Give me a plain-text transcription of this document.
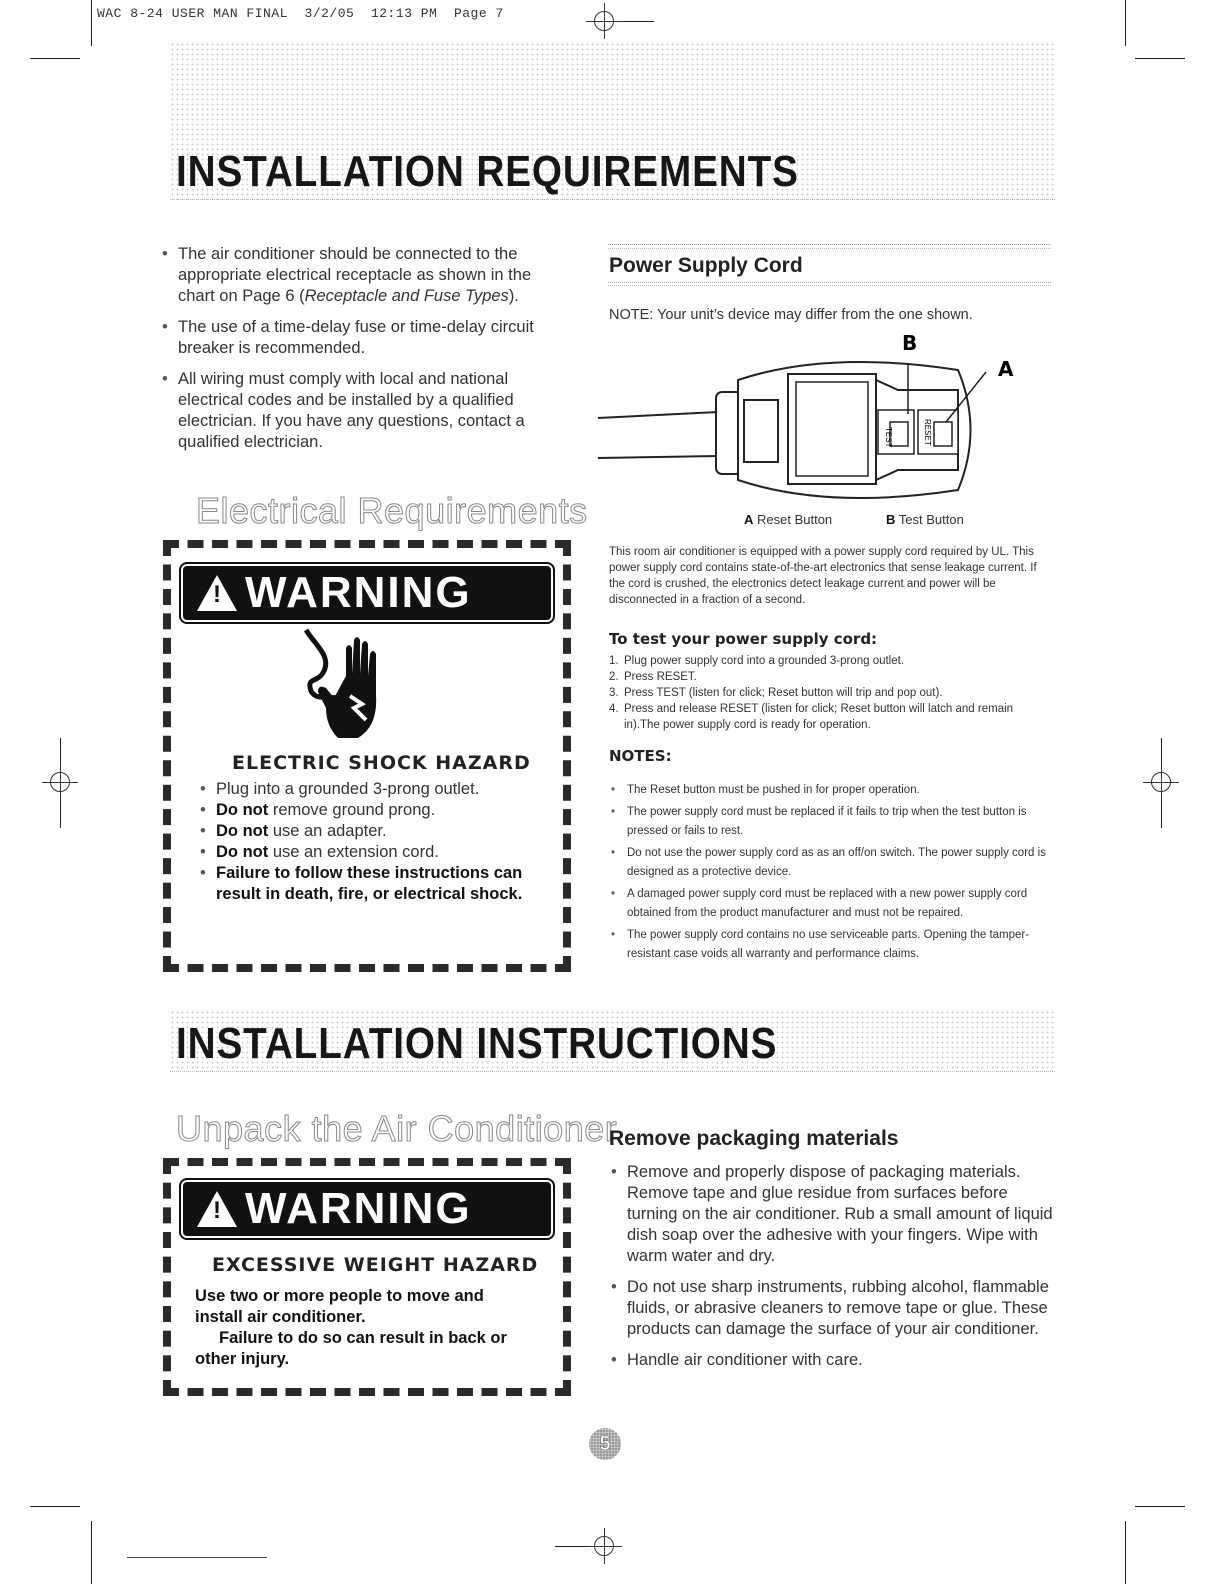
WAC 8-24 USER MAN FINAL  3/2/05  12:13 PM  Page 7
INSTALLATION REQUIREMENTS
• The air conditioner should be connected to the appropriate electrical receptacle as shown in the chart on Page 6 (Receptacle and Fuse Types).
• The use of a time-delay fuse or time-delay circuit breaker is recommended.
• All wiring must comply with local and national electrical codes and be installed by a qualified electrician. If you have any questions, contact a qualified electrician.
Electrical Requirements
! WARNING
ELECTRIC SHOCK HAZARD
• Plug into a grounded 3-prong outlet.
• Do not remove ground prong.
• Do not use an adapter.
• Do not use an extension cord.
• Failure to follow these instructions can result in death, fire, or electrical shock.
Power Supply Cord
NOTE: Your unit’s device may differ from the one shown.
TEST	RESET
B
A
A Reset Button	B Test Button
This room air conditioner is equipped with a power supply cord required by UL. This power supply cord contains state-of-the-art electronics that sense leakage current. If the cord is crushed, the electronics detect leakage current and power will be disconnected in a fraction of a second.
To test your power supply cord:
1. Plug power supply cord into a grounded 3-prong outlet.
2. Press RESET.
3. Press TEST (listen for click; Reset button will trip and pop out).
4. Press and release RESET (listen for click; Reset button will latch and remain in).The power supply cord is ready for operation.
NOTES:
• The Reset button must be pushed in for proper operation.
• The power supply cord must be replaced if it fails to trip when the test button is pressed or fails to rest.
• Do not use the power supply cord as as an off/on switch. The power supply cord is designed as a protective device.
• A damaged power supply cord must be replaced with a new power supply cord obtained from the product manufacturer and must not be repaired.
• The power supply cord contains no use serviceable parts. Opening the tamper-resistant case voids all warranty and performance claims.
INSTALLATION INSTRUCTIONS
Unpack the Air Conditioner
! WARNING
EXCESSIVE WEIGHT HAZARD
Use two or more people to move and install air conditioner.
Failure to do so can result in back or other injury.
Remove packaging materials
• Remove and properly dispose of packaging materials. Remove tape and glue residue from surfaces before turning on the air conditioner. Rub a small amount of liquid dish soap over the adhesive with your fingers. Wipe with warm water and dry.
• Do not use sharp instruments, rubbing alcohol, flammable fluids, or abrasive cleaners to remove tape or glue. These products can damage the surface of your air conditioner.
• Handle air conditioner with care.
5
